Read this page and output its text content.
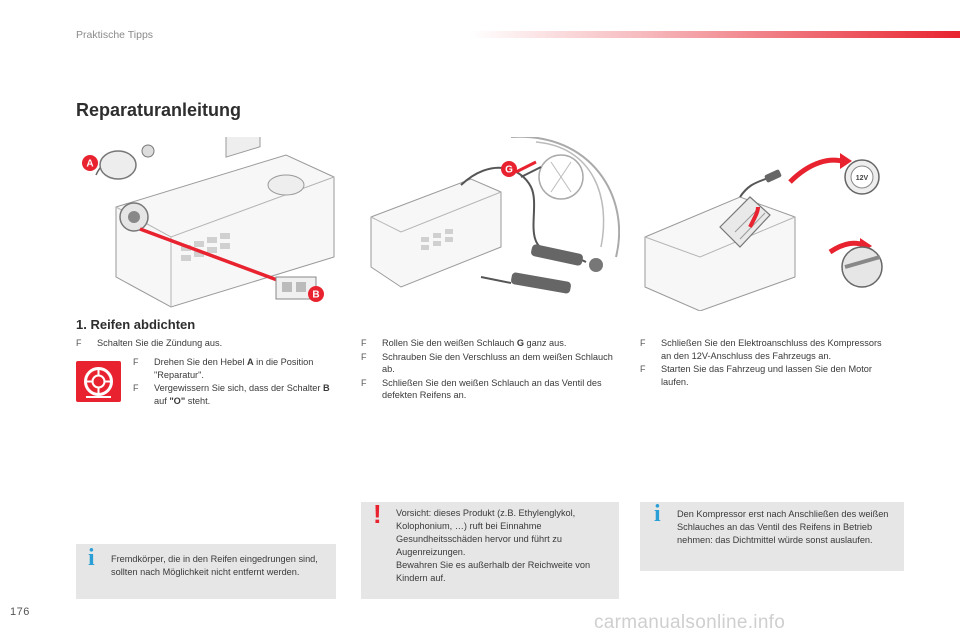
Praktische Tipps
Reparaturanleitung
A
B
G
12V
1. Reifen abdichten
F Schalten Sie die Zündung aus.
F Drehen Sie den Hebel A in die Position "Reparatur".
F Vergewissern Sie sich, dass der Schalter B auf "O" steht.
F Rollen Sie den weißen Schlauch G ganz aus.
F Schrauben Sie den Verschluss an dem weißen Schlauch ab.
F Schließen Sie den weißen Schlauch an das Ventil des defekten Reifens an.
F Schließen Sie den Elektroanschluss des Kompressors an den 12V-Anschluss des Fahrzeugs an.
F Starten Sie das Fahrzeug und lassen Sie den Motor laufen.
i Fremdkörper, die in den Reifen eingedrungen sind, sollten nach Möglichkeit nicht entfernt werden.
! Vorsicht: dieses Produkt (z.B. Ethylenglykol, Kolophonium, …) ruft bei Einnahme Gesundheitsschäden hervor und führt zu Augenreizungen.
Bewahren Sie es außerhalb der Reichweite von Kindern auf.
i Den Kompressor erst nach Anschließen des weißen Schlauches an das Ventil des Reifens in Betrieb nehmen: das Dichtmittel würde sonst auslaufen.
176	carmanualsonline.info
